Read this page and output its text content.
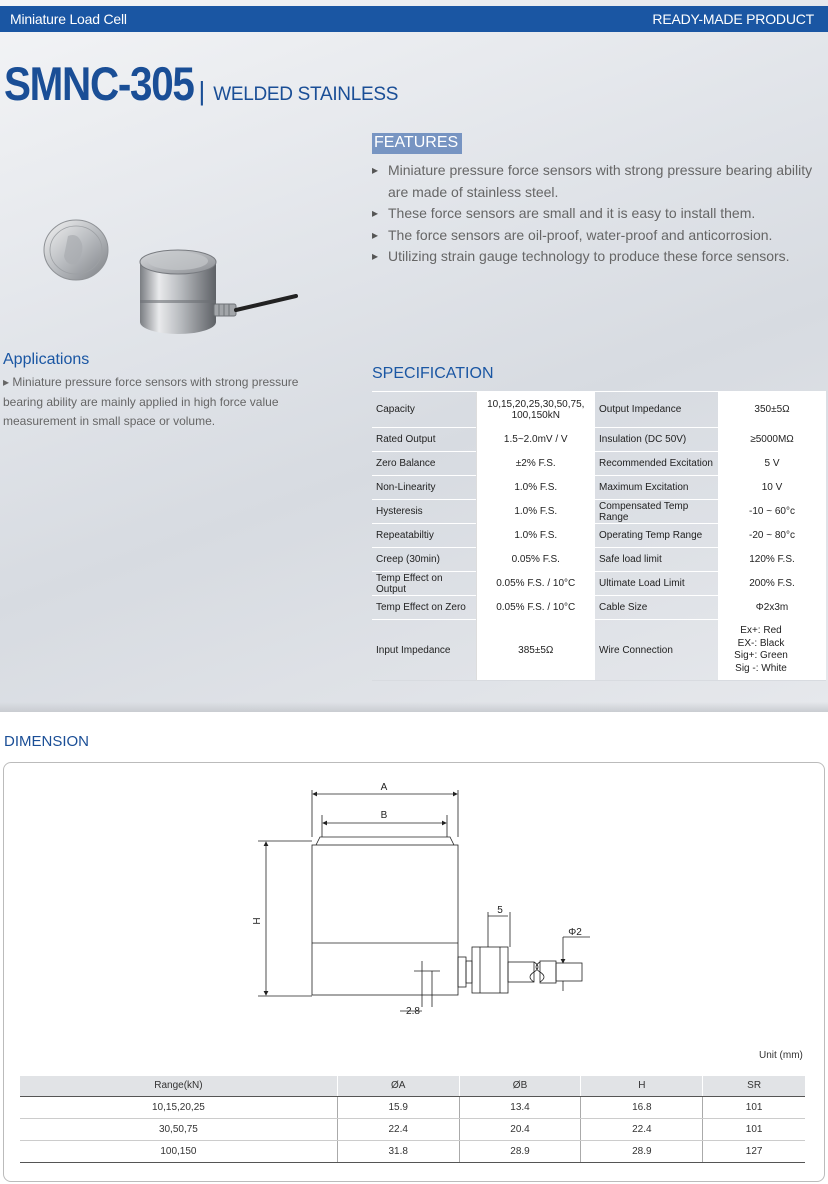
Miniature Load Cell	READY-MADE PRODUCT
SMNC-305 | WELDED STAINLESS
Applications

▸ Miniature pressure force sensors with strong pressure bearing ability are mainly applied in high force value measurement in small space or volume.

FEATURES
▸ Miniature pressure force sensors with strong pressure bearing ability are made of stainless steel.
▸ These force sensors are small and it is easy to install them.
▸ The force sensors are oil-proof, water-proof and anticorrosion.
▸ Utilizing strain gauge technology to produce these force sensors.
SPECIFICATION
Capacity	10,15,20,25,30,50,75, 100,150kN	Output Impedance	350±5Ω
Rated Output	1.5~2.0mV / V	Insulation (DC 50V)	≥5000MΩ
Zero Balance	±2% F.S.	Recommended Excitation	5 V
Non-Linearity	1.0% F.S.	Maximum Excitation	10 V
Hysteresis	1.0% F.S.	Compensated Temp Range	-10 ~ 60°c
Repeatabiltiy	1.0% F.S.	Operating Temp Range	-20 ~ 80°c
Creep (30min)	0.05% F.S.	Safe load limit	120% F.S.
Temp Effect on Output	0.05% F.S. / 10°C	Ultimate Load Limit	200% F.S.
Temp Effect on Zero	0.05% F.S. / 10°C	Cable Size	Φ2x3m
Input Impedance	385±5Ω	Wire Connection	Ex+: Red
EX-: Black
Sig+: Green
Sig -: White
DIMENSION
A
B
H
5
Φ2
2.8
Unit (mm)
Range(kN)	ØA	ØB	H	SR
10,15,20,25	15.9	13.4	16.8	101
30,50,75	22.4	20.4	22.4	101
100,150	31.8	28.9	28.9	127
